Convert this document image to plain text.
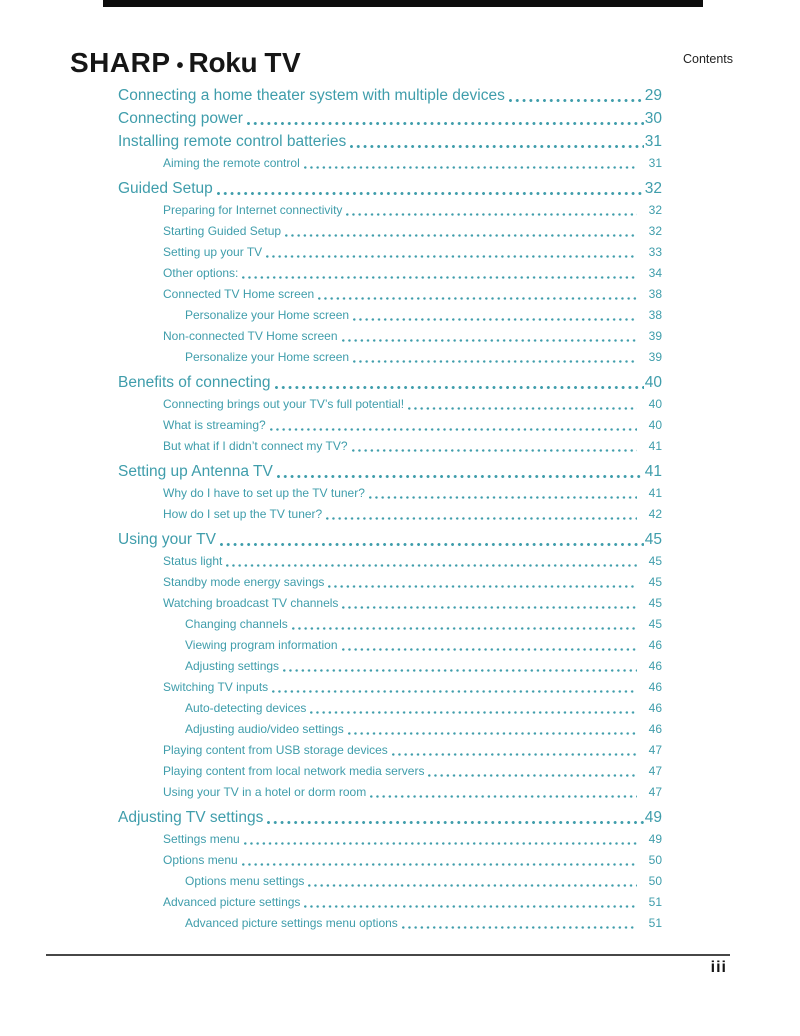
SHARP • Roku TV	Contents
Connecting a home theater system with multiple devices	29
Connecting power	30
Installing remote control batteries	31
Aiming the remote control	31
Guided Setup	32
Preparing for Internet connectivity	32
Starting Guided Setup	32
Setting up your TV	33
Other options:	34
Connected TV Home screen	38
Personalize your Home screen	38
Non-connected TV Home screen	39
Personalize your Home screen	39
Benefits of connecting	40
Connecting brings out your TV’s full potential!	40
What is streaming?	40
But what if I didn’t connect my TV?	41
Setting up Antenna TV	41
Why do I have to set up the TV tuner?	41
How do I set up the TV tuner?	42
Using your TV	45
Status light	45
Standby mode energy savings	45
Watching broadcast TV channels	45
Changing channels	45
Viewing program information	46
Adjusting settings	46
Switching TV inputs	46
Auto-detecting devices	46
Adjusting audio/video settings	46
Playing content from USB storage devices	47
Playing content from local network media servers	47
Using your TV in a hotel or dorm room	47
Adjusting TV settings	49
Settings menu	49
Options menu	50
Options menu settings	50
Advanced picture settings	51
Advanced picture settings menu options	51
iii
